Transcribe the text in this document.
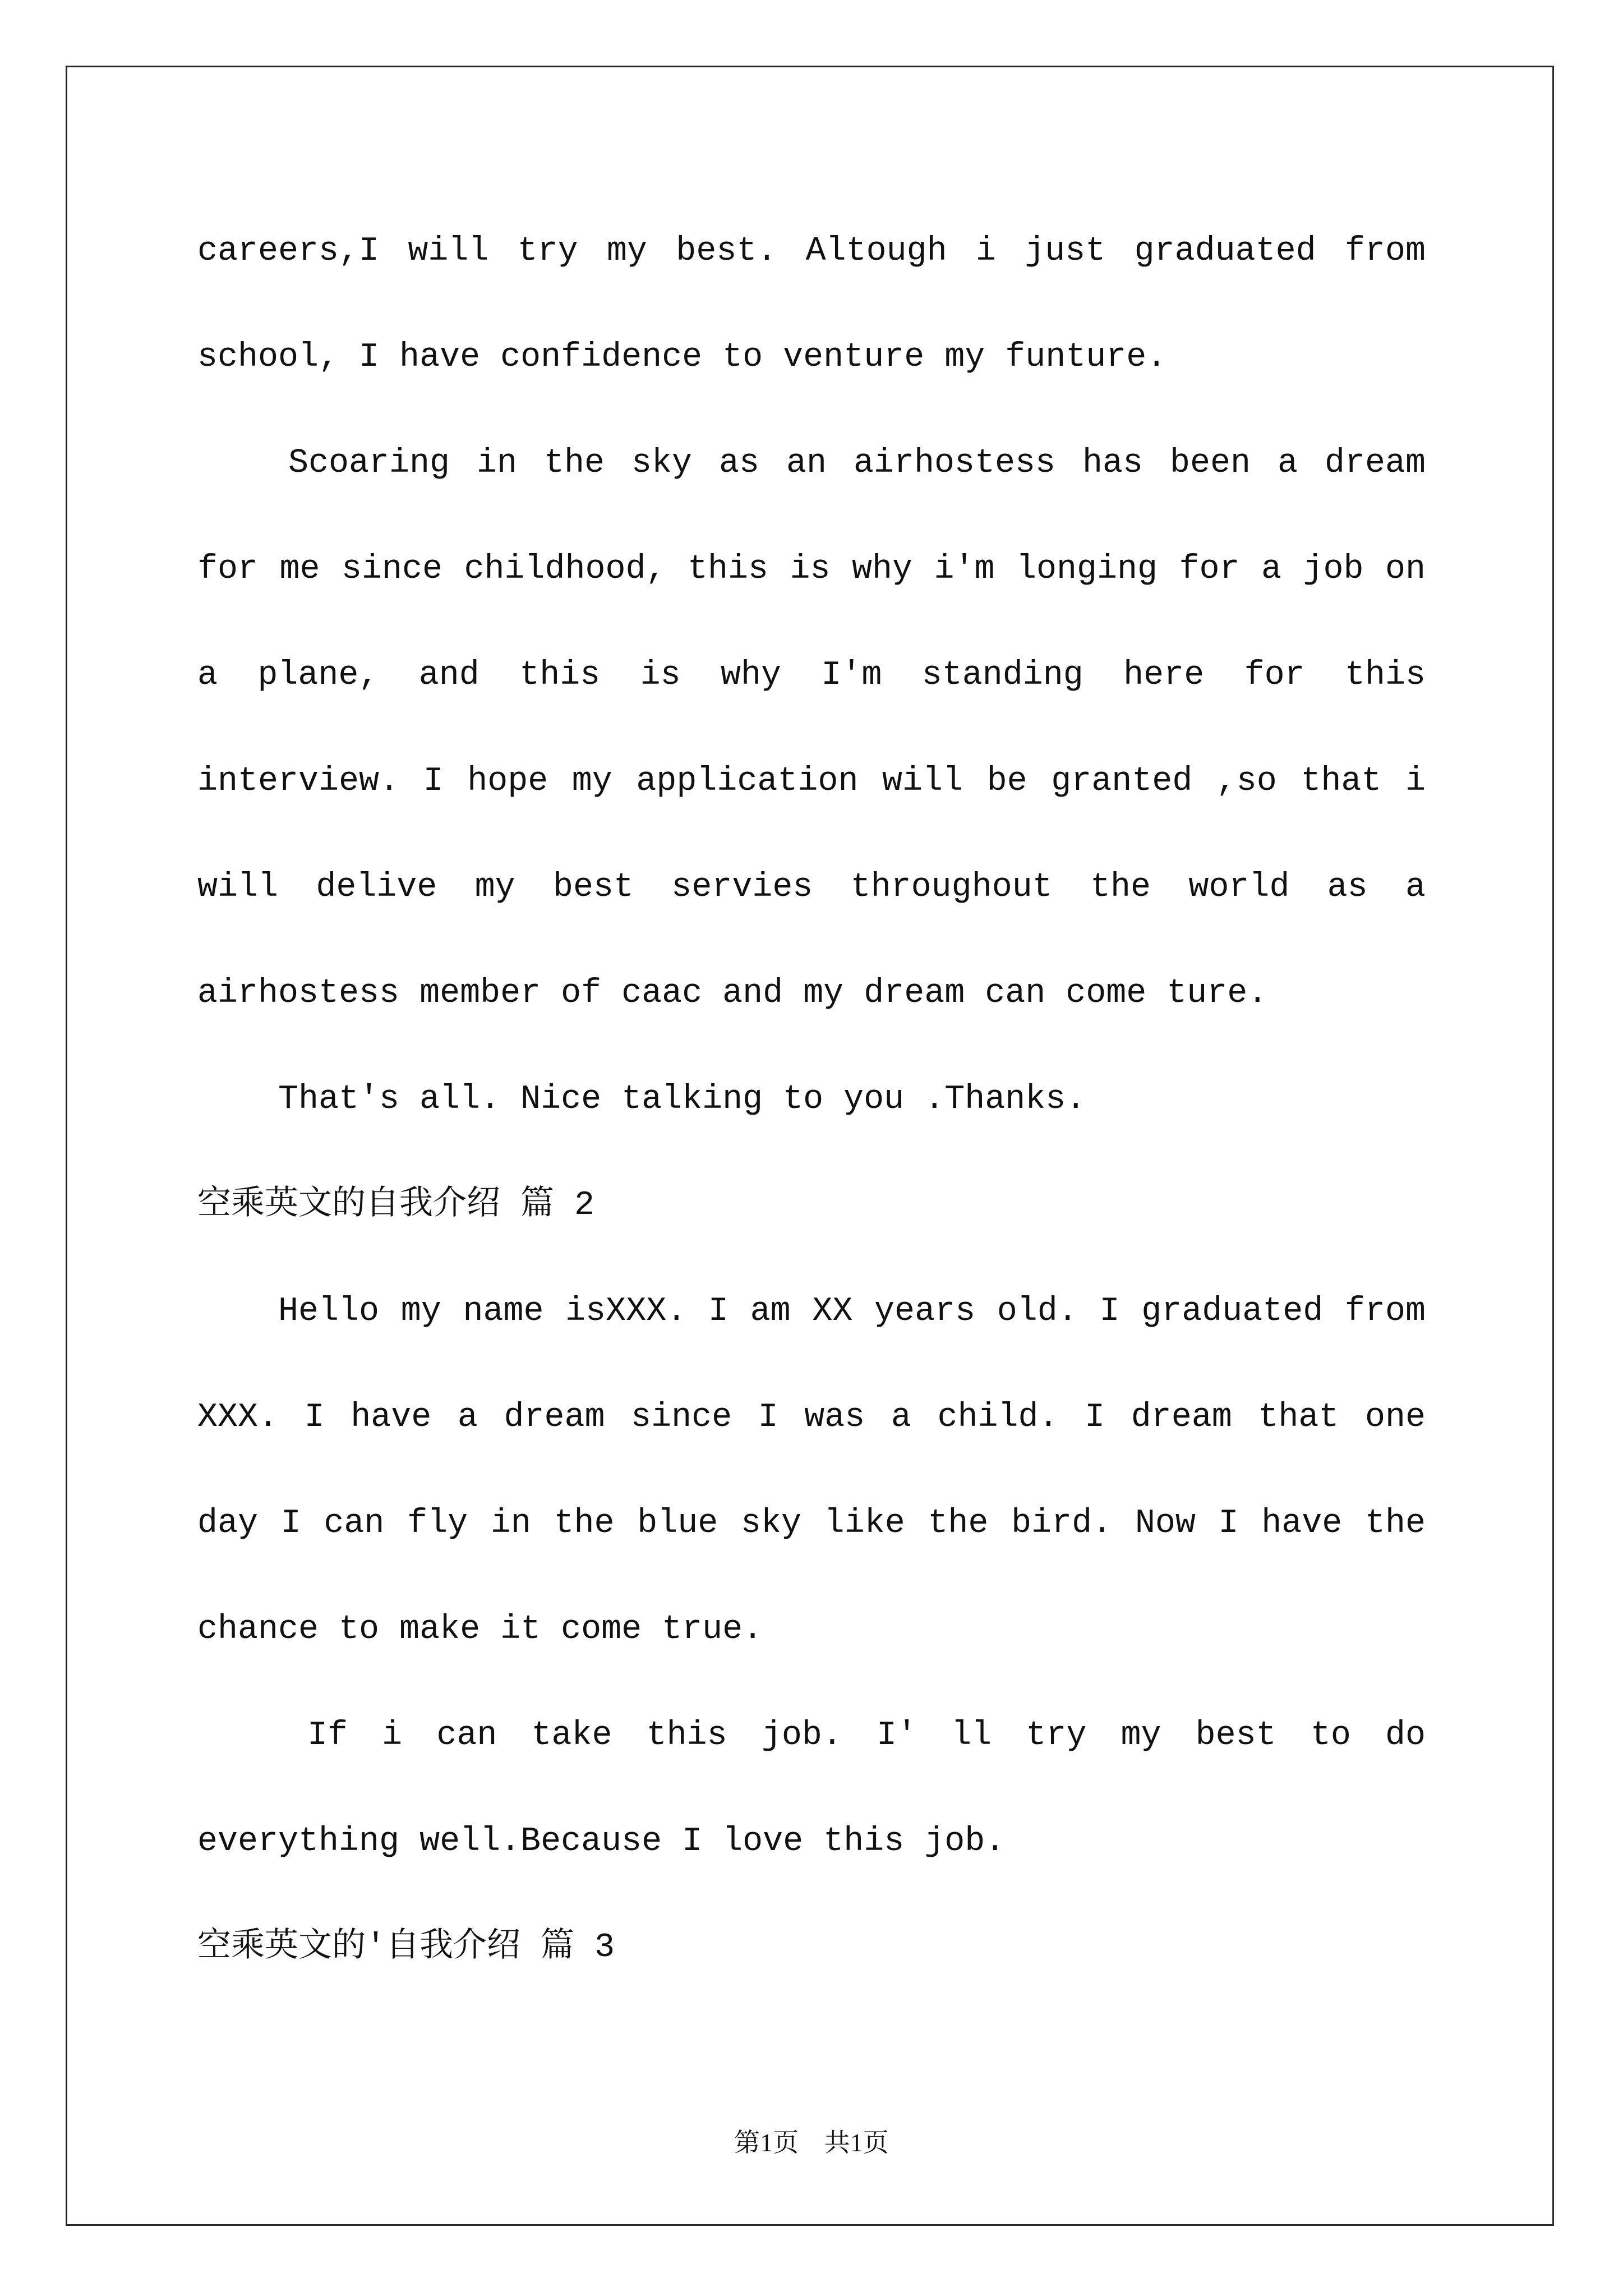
careers,I will try my best. Altough i just graduated from
school, I have confidence to venture my funture.
Scoaring in the sky as an airhostess has been a dream
for me since childhood, this is why i'm longing for a job on
a plane, and this is why I'm standing here for this
interview. I hope my application will be granted ,so that i
will delive my best servies throughout the world as a
airhostess member of caac and my dream can come ture.
That's all. Nice talking to you .Thanks.
空乘英文的自我介绍 篇 2
Hello my name isXXX. I am XX years old. I graduated from
XXX. I have a dream since I was a child. I dream that one
day I can fly in the blue sky like the bird. Now I have the
chance to make it come true.
If i can take this job. I' ll try my best to do
everything well.Because I love this job.
空乘英文的'自我介绍 篇 3
第1页 共1页
